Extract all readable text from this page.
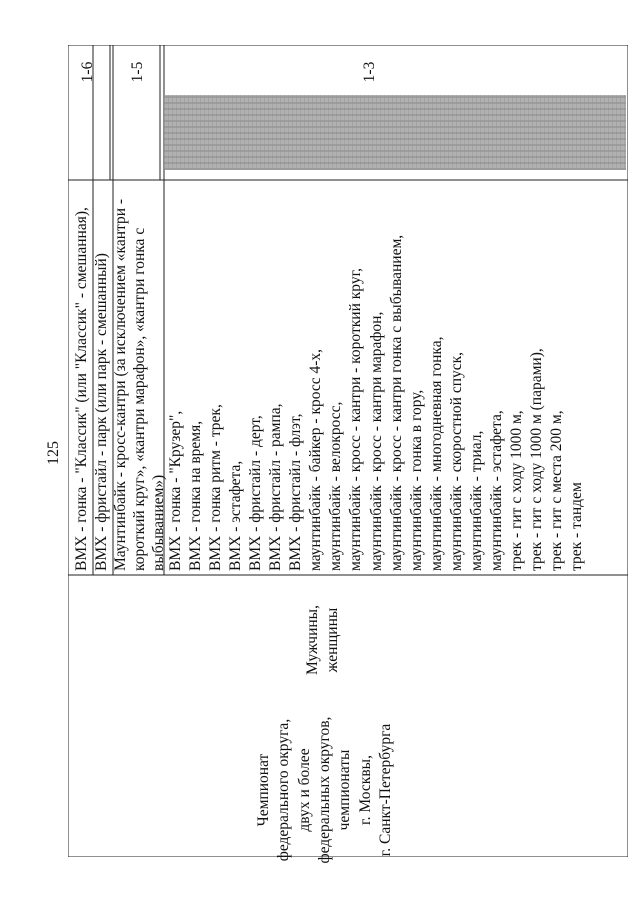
125
1-6 1-5	1-3
ВМХ - гонка - "Классик" (или "Классик" - смешанная), ВМХ - фристайл - парк (или парк - смешанный) Маунтинбайк - кросс-кантри (за исключением «кантри - короткий круг», «кантри марафон», «кантри гонка с выбыванием») ВМХ - гонка - "Крузер", ВМХ - гонка на время, ВМХ - гонка ритм - трек, ВМХ - эстафета, ВМХ - фристайл - дерт, ВМХ - фристайл - рампа, ВМХ - фристайл - флэт, маунтинбайк - байкер - кросс 4-х, маунтинбайк - велокросс, маунтинбайк - кросс - кантри - короткий круг, маунтинбайк - кросс - кантри марафон, маунтинбайк - кросс - кантри гонка с выбыванием, маунтинбайк - гонка в гору, маунтинбайк - многодневная гонка, маунтинбайк - скоростной спуск, маунтинбайк - триал, маунтинбайк - эстафета, трек - гит с ходу 1000 м, трек - гит с ходу 1000 м (парами), трек - гит с места 200 м, трек - тандем
Мужчины, женщины
Чемпионат федерального округа, двух и более федеральных округов, чемпионаты г. Москвы, г. Санкт-Петербурга
